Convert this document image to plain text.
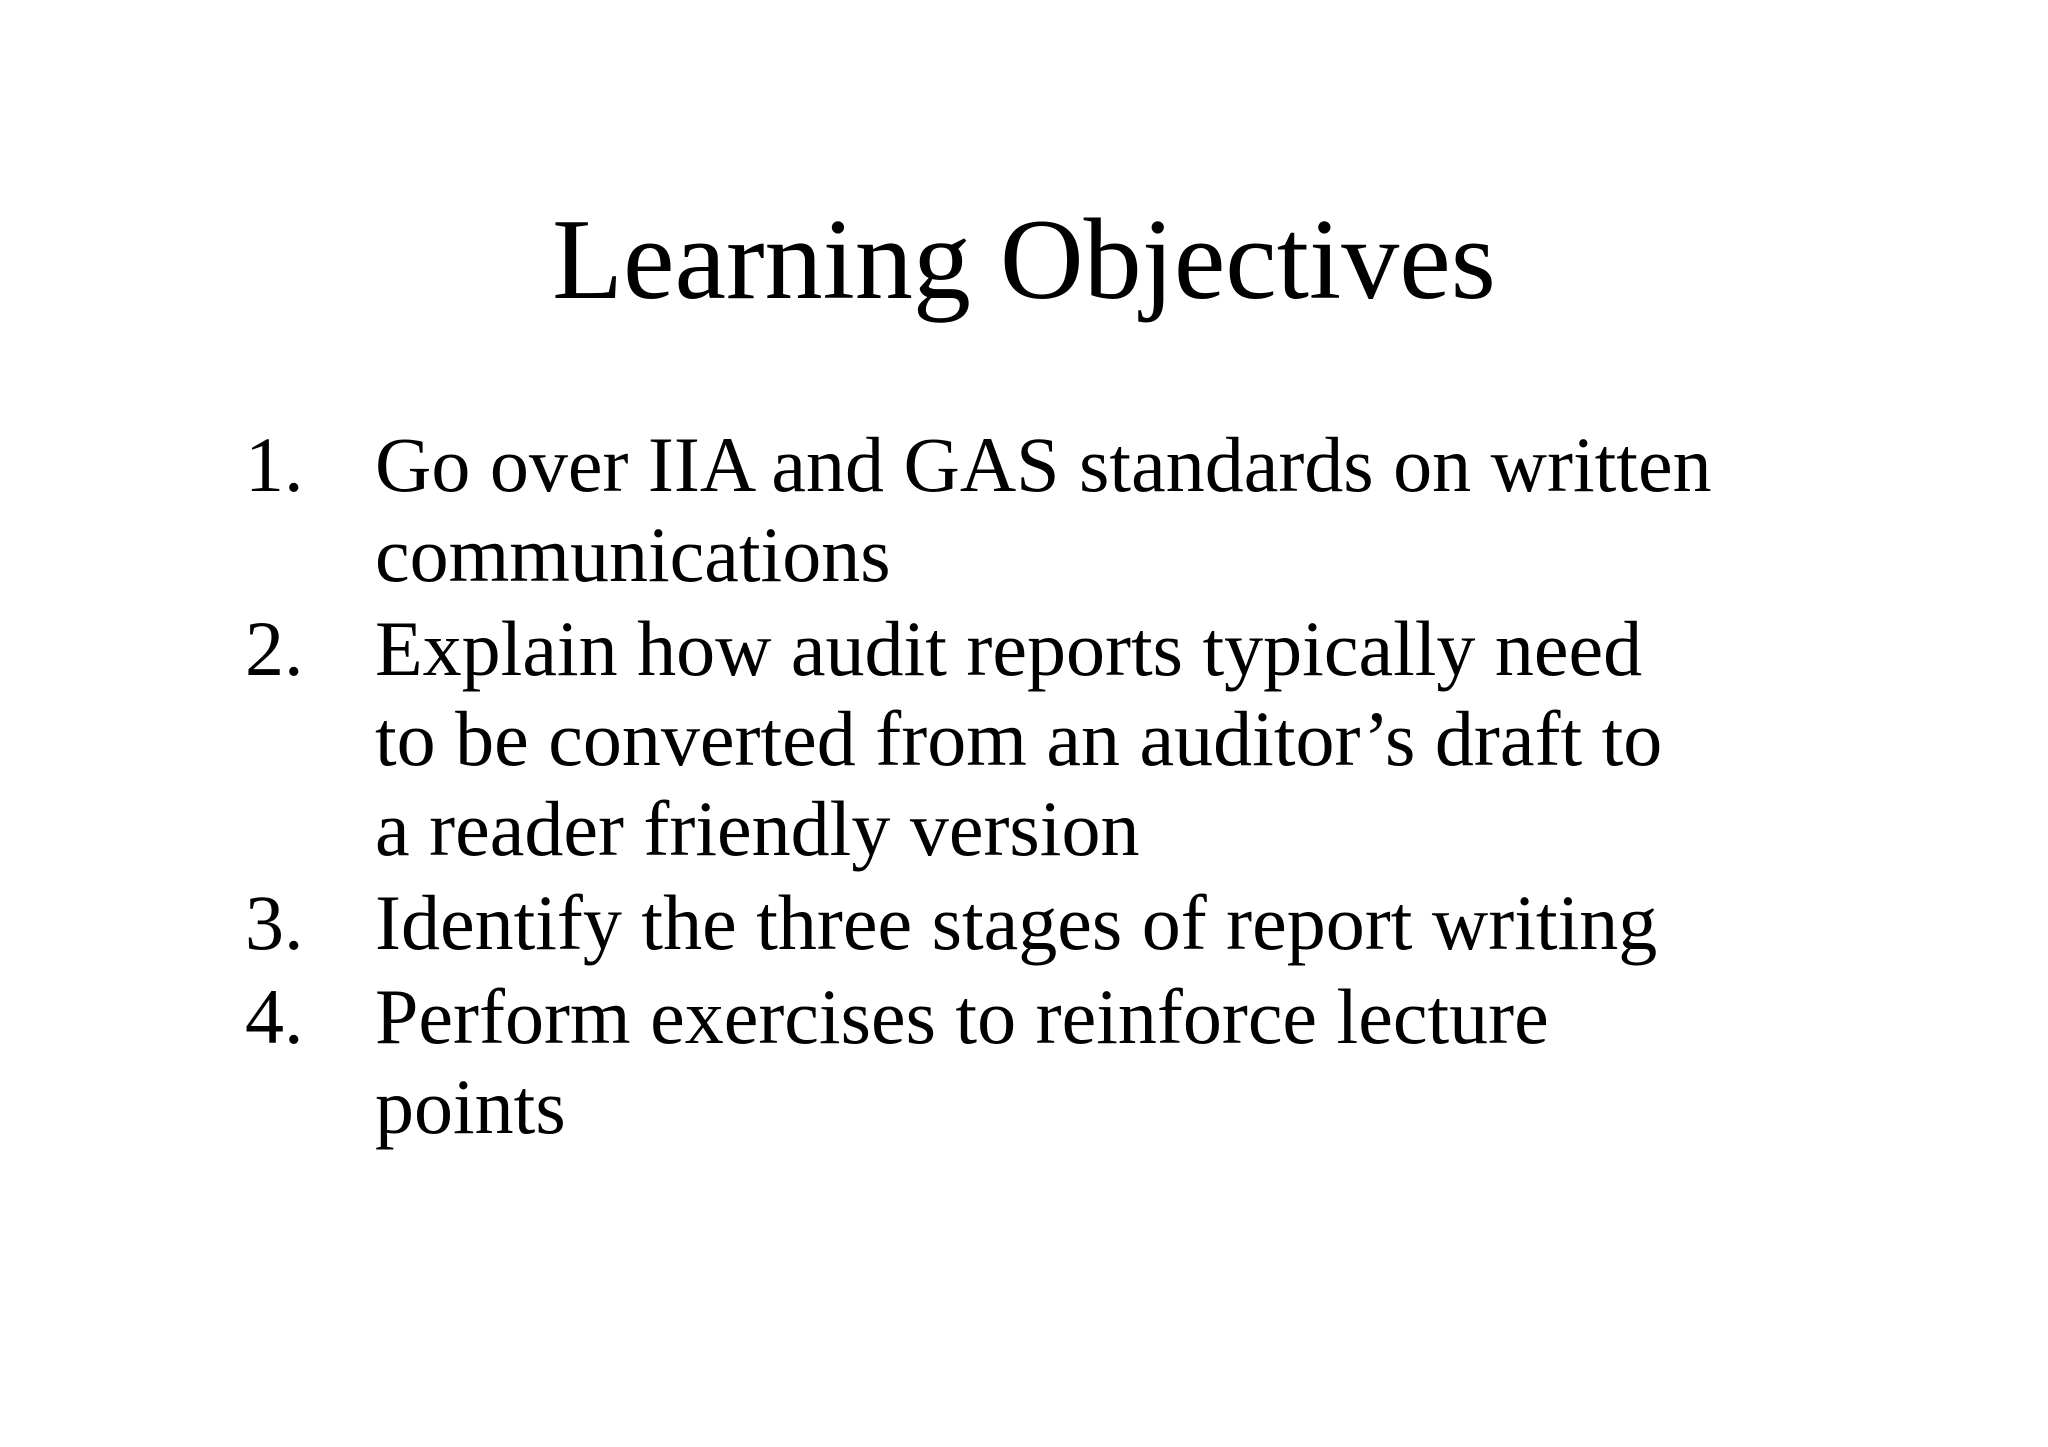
Learning Objectives
1. Go over IIA and GAS standards on written
communications
2. Explain how audit reports typically need
to be converted from an auditor’s draft to
a reader friendly version
3. Identify the three stages of report writing
4. Perform exercises to reinforce lecture
points
